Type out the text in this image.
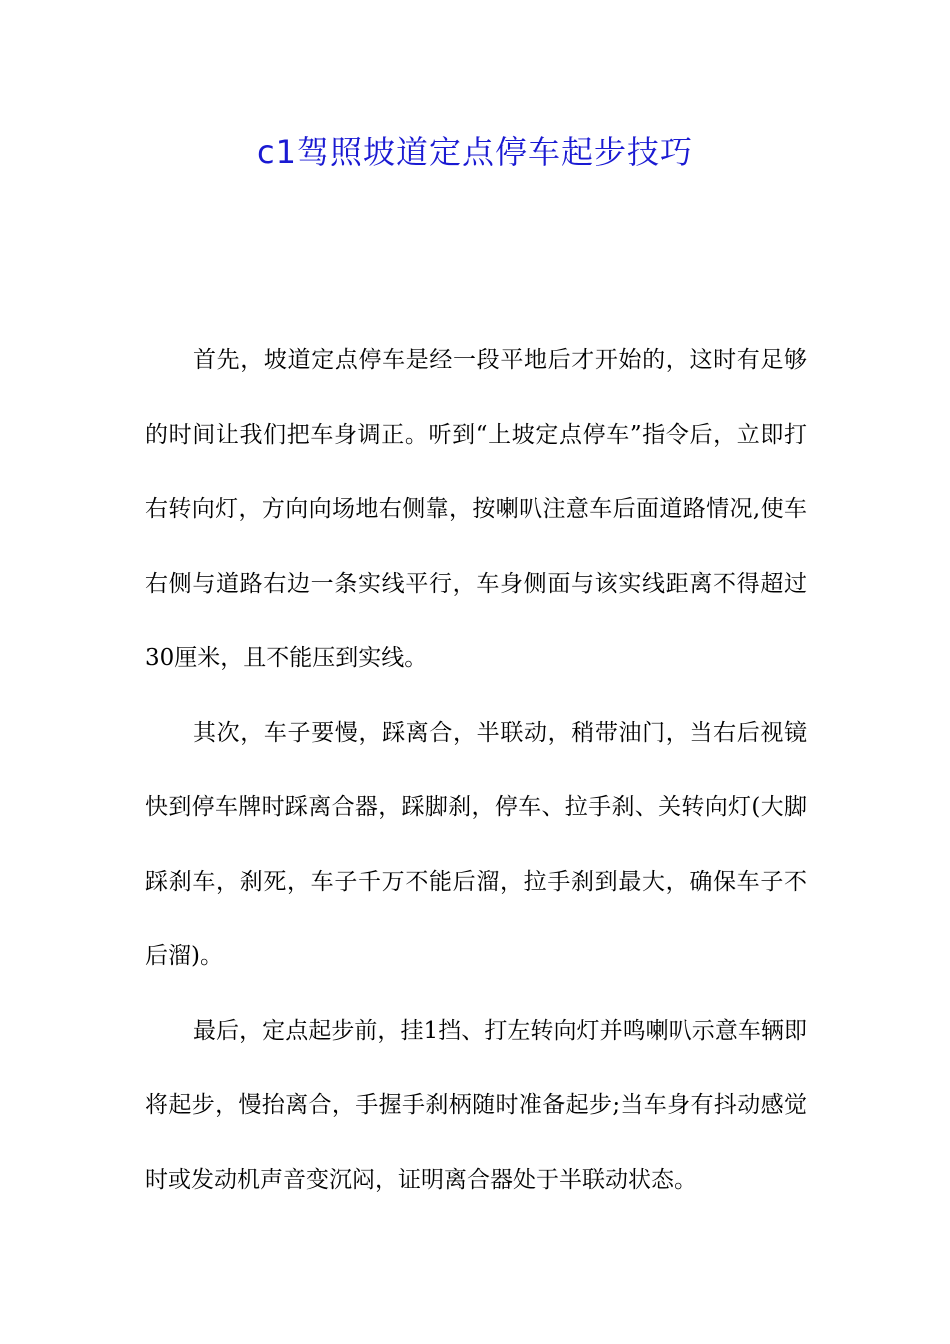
c1驾照坡道定点停车起步技巧

首先，坡道定点停车是经一段平地后才开始的，这时有足够的时间让我们把车身调正。听到“上坡定点停车”指令后，立即打右转向灯，方向向场地右侧靠，按喇叭注意车后面道路情况,使车右侧与道路右边一条实线平行，车身侧面与该实线距离不得超过30厘米，且不能压到实线。

其次，车子要慢，踩离合，半联动，稍带油门，当右后视镜快到停车牌时踩离合器，踩脚刹，停车、拉手刹、关转向灯(大脚踩刹车，刹死，车子千万不能后溜，拉手刹到最大，确保车子不后溜)。

最后，定点起步前，挂1挡、打左转向灯并鸣喇叭示意车辆即将起步，慢抬离合，手握手刹柄随时准备起步;当车身有抖动感觉时或发动机声音变沉闷，证明离合器处于半联动状态。
